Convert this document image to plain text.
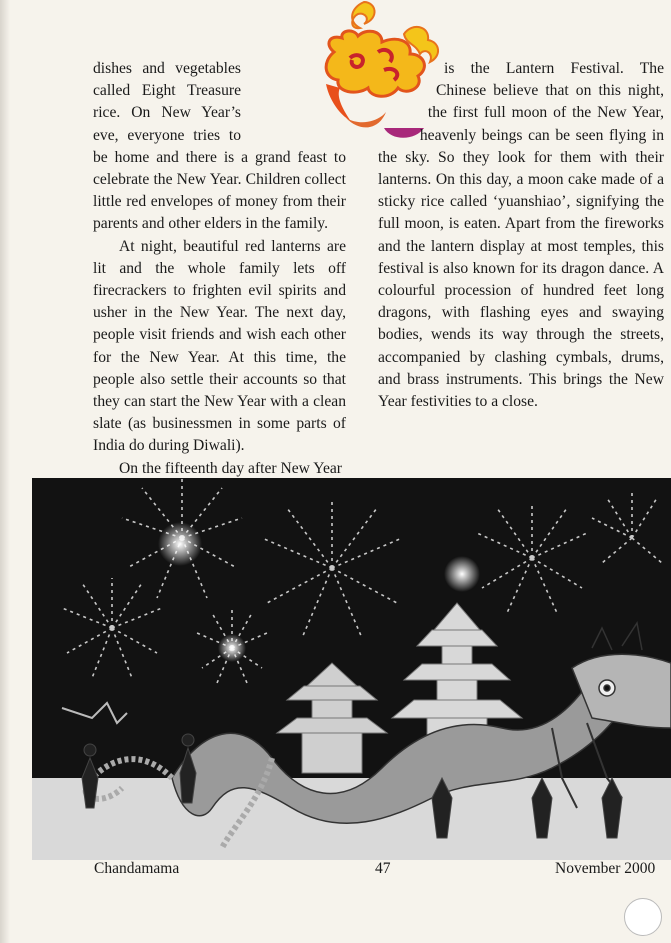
dishes and vegetables called Eight Treasure rice. On New Year’s eve, everyone tries to be home and there is a grand feast to celebrate the New Year. Children collect little red envelopes of money from their parents and other elders in the family.

At night, beautiful red lanterns are lit and the whole family lets off firecrackers to frighten evil spirits and usher in the New Year. The next day, people visit friends and wish each other for the New Year. At this time, the people also settle their accounts so that they can start the New Year with a clean slate (as businessmen in some parts of India do during Diwali).

On the fifteenth day after New Year

is the Lantern Festival. The Chinese believe that on this night, the first full moon of the New Year, heavenly beings can be seen flying in the sky. So they look for them with their lanterns. On this day, a moon cake made of a sticky rice called ‘yuanshiao’, signifying the full moon, is eaten. Apart from the fireworks and the lantern display at most temples, this festival is also known for its dragon dance. A colourful procession of hundred feet long dragons, with flashing eyes and swaying bodies, wends its way through the streets, accompanied by clashing cymbals, drums, and brass instruments. This brings the New Year festivities to a close.

Chandamama	47	November 2000
